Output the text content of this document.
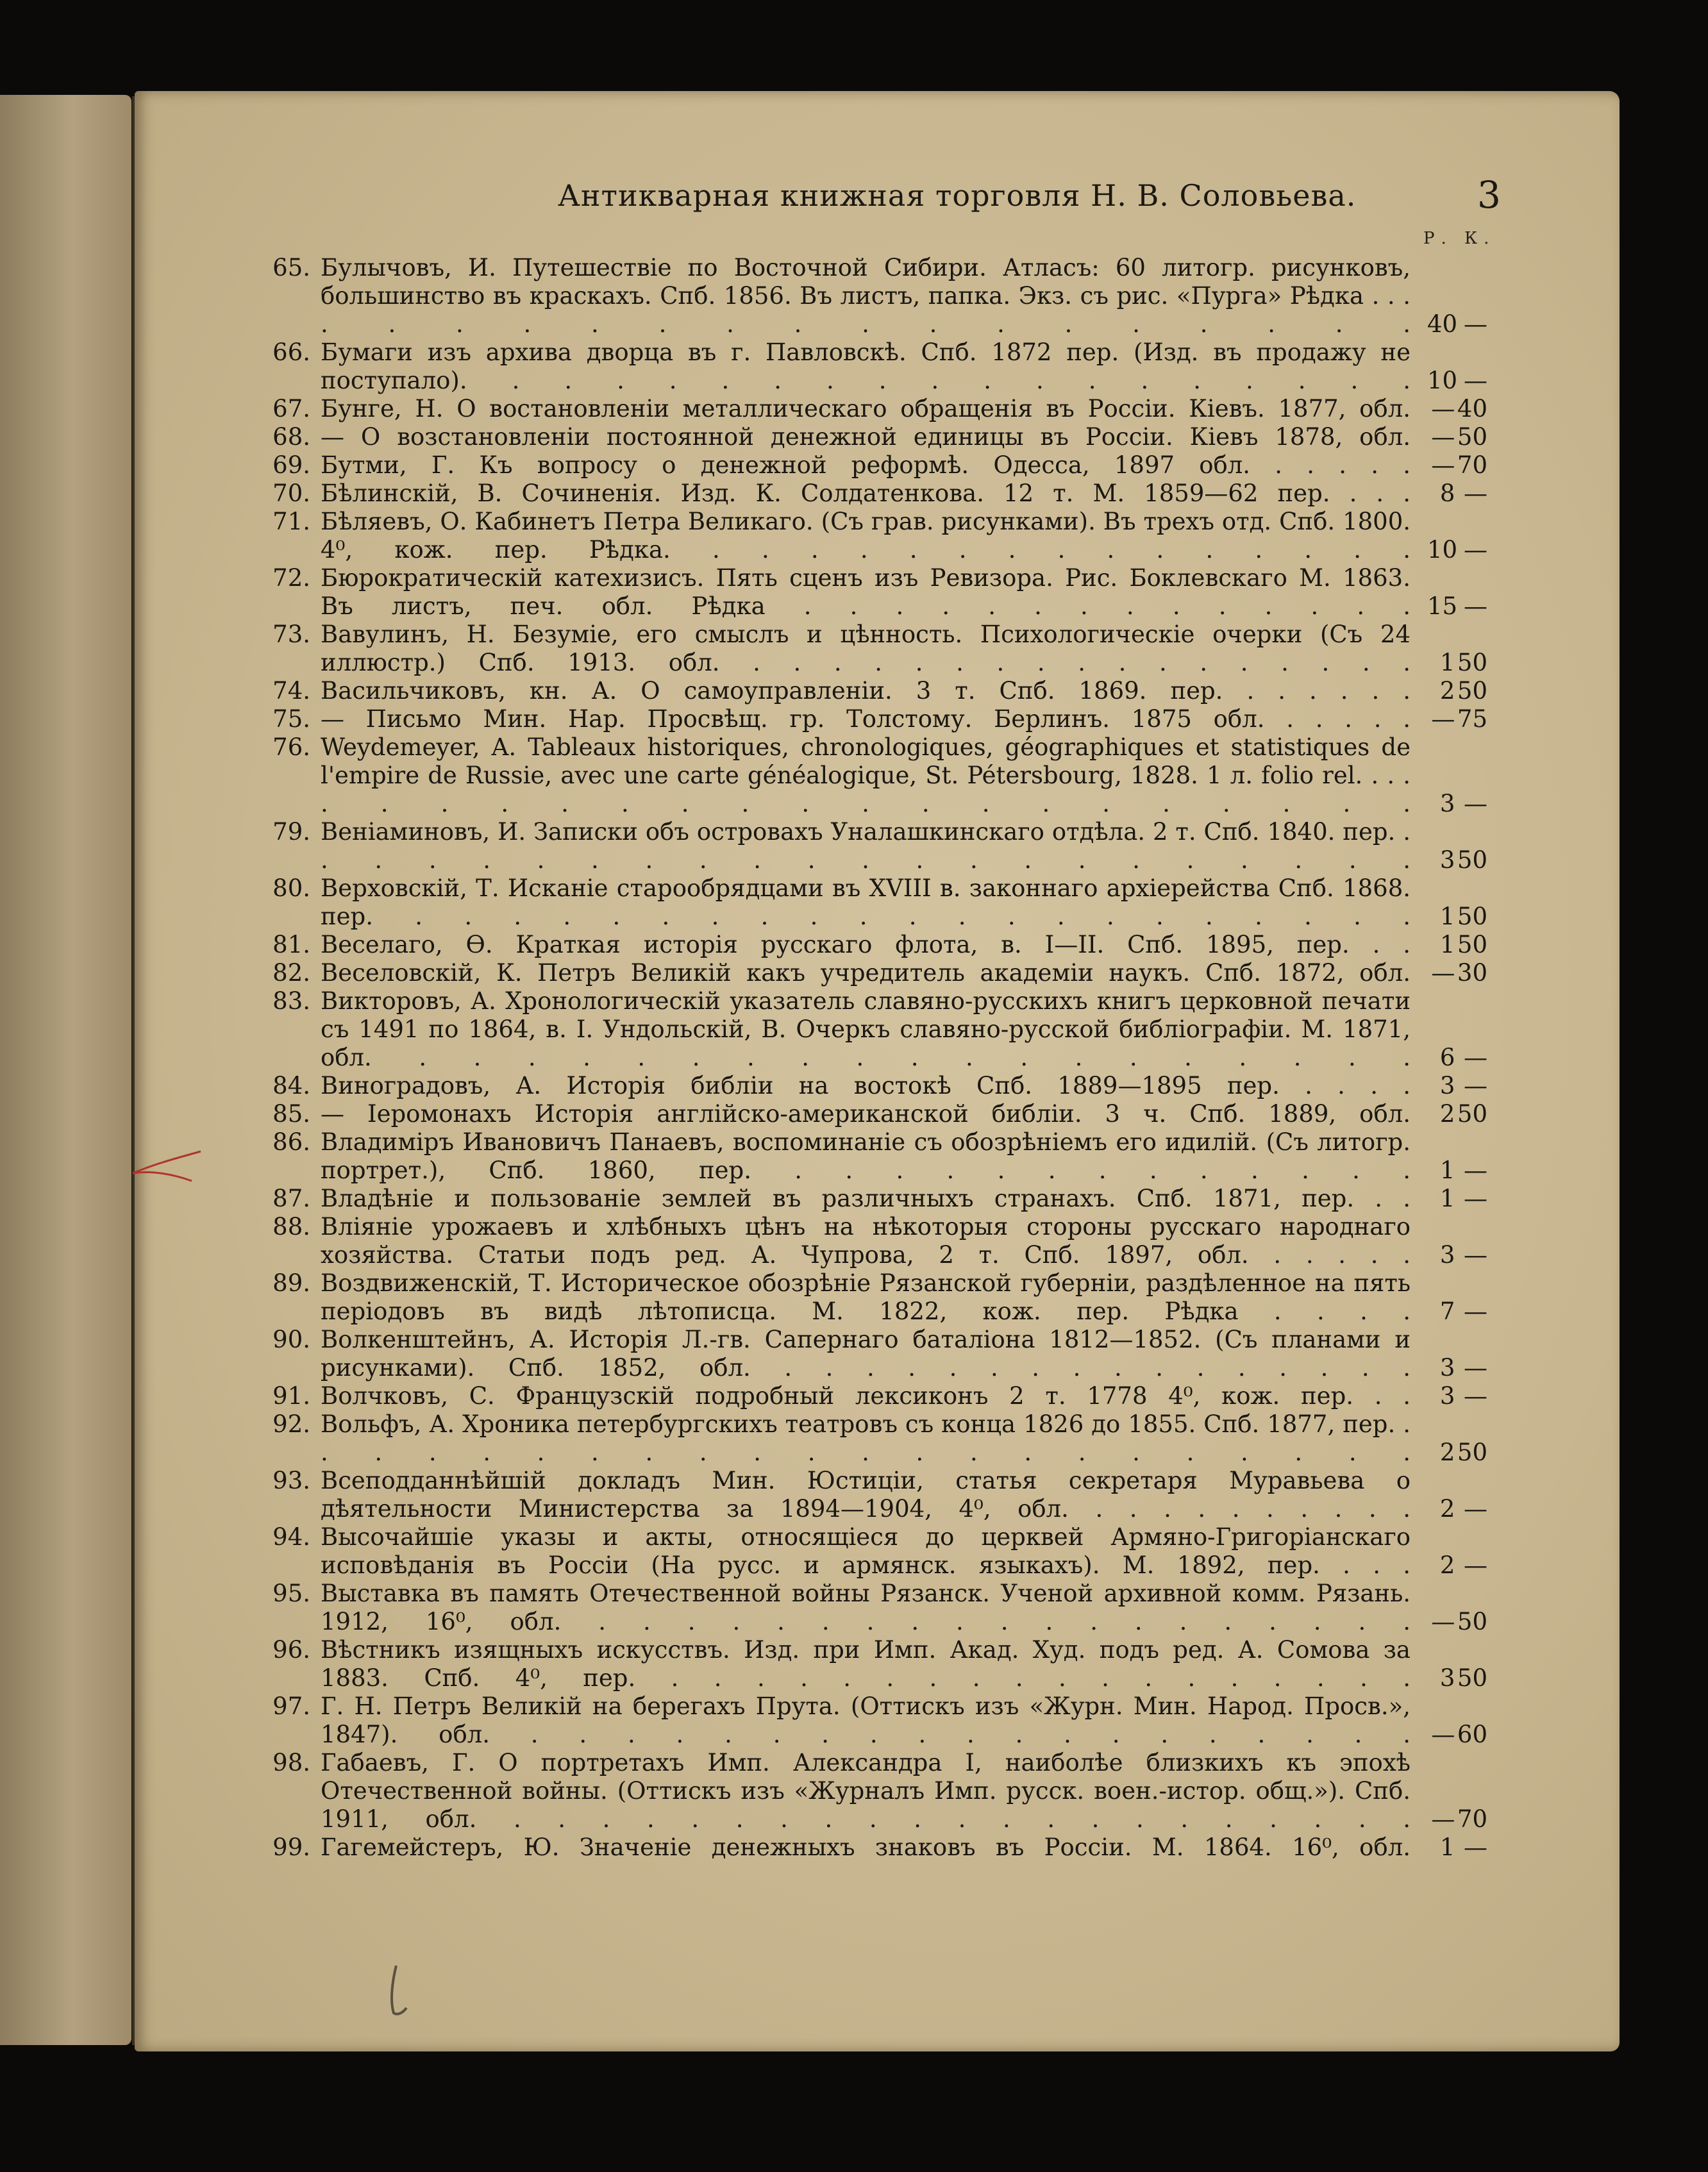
Антикварная книжная торговля Н. В. Соловьева.	3
Р. К.
65. Булычовъ, И. Путешествіе по Восточной Сибири. Атласъ: 60 литогр. рисунковъ, большинство въ краскахъ. Спб. 1856. Въ листъ, папка. Экз. съ рис. «Пурга» Рѣдка . . . . . . . . . . . . . . . . . . . . 40 —
66. Бумаги изъ архива дворца въ г. Павловскѣ. Спб. 1872 пер. (Изд. въ продажу не поступало). . . . . . . . . . . . . . . . . . . 10 —
67. Бунге, Н. О востановленіи металлическаго обращенія въ Россіи. Кіевъ. 1877, обл. — 40
68. — О возстановленіи постоянной денежной единицы въ Россіи. Кіевъ 1878, обл. — 50
69. Бутми, Г. Къ вопросу о денежной реформѣ. Одесса, 1897 обл. . . . . . — 70
70. Бѣлинскій, В. Сочиненія. Изд. К. Солдатенкова. 12 т. М. 1859—62 пер. . . .	8 —
71. Бѣляевъ, О. Кабинетъ Петра Великаго. (Съ грав. рисунками). Въ трехъ отд. Спб. 1800. 4⁰, кож. пер. Рѣдка. . . . . . . . . . . . . . . . 10 —
72. Бюрократическій катехизисъ. Пять сценъ изъ Ревизора. Рис. Боклевскаго М. 1863. Въ листъ, печ. обл. Рѣдка . . . . . . . . . . . . . . 15 —
73. Вавулинъ, Н. Безуміе, его смыслъ и цѣнность. Психологическіе очерки (Съ 24 иллюстр.) Спб. 1913. обл. . . . . . . . . . . . . . . . . .	1 50
74. Васильчиковъ, кн. А. О самоуправленіи. 3 т. Спб. 1869. пер. . . . . . .	2 50
75. — Письмо Мин. Нар. Просвѣщ. гр. Толстому. Берлинъ. 1875 обл. . . . . . — 75
76. Weydemeyer, A. Tableaux historiques, chronologiques, géographiques et statistiques de l'empire de Russie, avec une carte généalogique, St. Pétersbourg, 1828. 1 л. folio rel. . . . . . . . . . . . . . . . . . . . . . .	3 —
79. Веніаминовъ, И. Записки объ островахъ Уналашкинскаго отдѣла. 2 т. Спб. 1840. пер. . . . . . . . . . . . . . . . . . . . . . .	3 50
80. Верховскій, Т. Исканіе старообрядцами въ XVIII в. законнаго архіерейства Спб. 1868. пер. . . . . . . . . . . . . . . . . . . . . .	1 50
81. Веселаго, Ѳ. Краткая исторія русскаго флота, в. I—II. Спб. 1895, пер. . .	1 50
82. Веселовскій, К. Петръ Великій какъ учредитель академіи наукъ. Спб. 1872, обл. — 30
83. Викторовъ, А. Хронологическій указатель славяно-русскихъ книгъ церковной печати съ 1491 по 1864, в. I. Ундольскій, В. Очеркъ славяно-русской библіографіи. М. 1871, обл. . . . . . . . . . . . . . . . . . . .	6 —
84. Виноградовъ, А. Исторія библіи на востокѣ Спб. 1889—1895 пер. . . . .	3 —
85. — Іеромонахъ Исторія англійско-американской библіи. 3 ч. Спб. 1889, обл.	2 50
86. Владиміръ Ивановичъ Панаевъ, воспоминаніе съ обозрѣніемъ его идилій. (Съ литогр. портрет.), Спб. 1860, пер. . . . . . . . . . . . . .	1 —
87. Владѣніе и пользованіе землей въ различныхъ странахъ. Спб. 1871, пер. . .	1 —
88. Вліяніе урожаевъ и хлѣбныхъ цѣнъ на нѣкоторыя стороны русскаго народнаго хозяйства. Статьи подъ ред. А. Чупрова, 2 т. Спб. 1897, обл. . . . . .	3 —
89. Воздвиженскій, Т. Историческое обозрѣніе Рязанской губерніи, раздѣленное на пять періодовъ въ видѣ лѣтописца. М. 1822, кож. пер. Рѣдка . . . .	7 —
90. Волкенштейнъ, А. Исторія Л.-гв. Сапернаго баталіона 1812—1852. (Съ планами и рисунками). Спб. 1852, обл. . . . . . . . . . . . . . . . .	3 —
91. Волчковъ, С. Французскій подробный лексиконъ 2 т. 1778 4⁰, кож. пер. . .	3 —
92. Вольфъ, А. Хроника петербургскихъ театровъ съ конца 1826 до 1855. Спб. 1877, пер. . . . . . . . . . . . . . . . . . . . . . .	2 50
93. Всеподданнѣйшій докладъ Мин. Юстиціи, статья секретаря Муравьева о дѣятельности Министерства за 1894—1904, 4⁰, обл. . . . . . . . . . .	2 —
94. Высочайшіе указы и акты, относящіеся до церквей Армяно-Григоріанскаго исповѣданія въ Россіи (На русс. и армянск. языкахъ). М. 1892, пер. . . .	2 —
95. Выставка въ память Отечественной войны Рязанск. Ученой архивной комм. Рязань. 1912, 16⁰, обл. . . . . . . . . . . . . . . . . . . . — 50
96. Вѣстникъ изящныхъ искусствъ. Изд. при Имп. Акад. Худ. подъ ред. А. Сомова за 1883. Спб. 4⁰, пер. . . . . . . . . . . . . . . . . . .	3 50
97. Г. Н. Петръ Великій на берегахъ Прута. (Оттискъ изъ «Журн. Мин. Народ. Просв.», 1847). обл. . . . . . . . . . . . . . . . . . . . — 60
98. Габаевъ, Г. О портретахъ Имп. Александра I, наиболѣе близкихъ къ эпохѣ Отечественной войны. (Оттискъ изъ «Журналъ Имп. русск. воен.-истор. общ.»). Спб. 1911, обл. . . . . . . . . . . . . . . . . . . . . . — 70
99. Гагемейстеръ, Ю. Значеніе денежныхъ знаковъ въ Россіи. М. 1864. 16⁰, обл.	1 —
